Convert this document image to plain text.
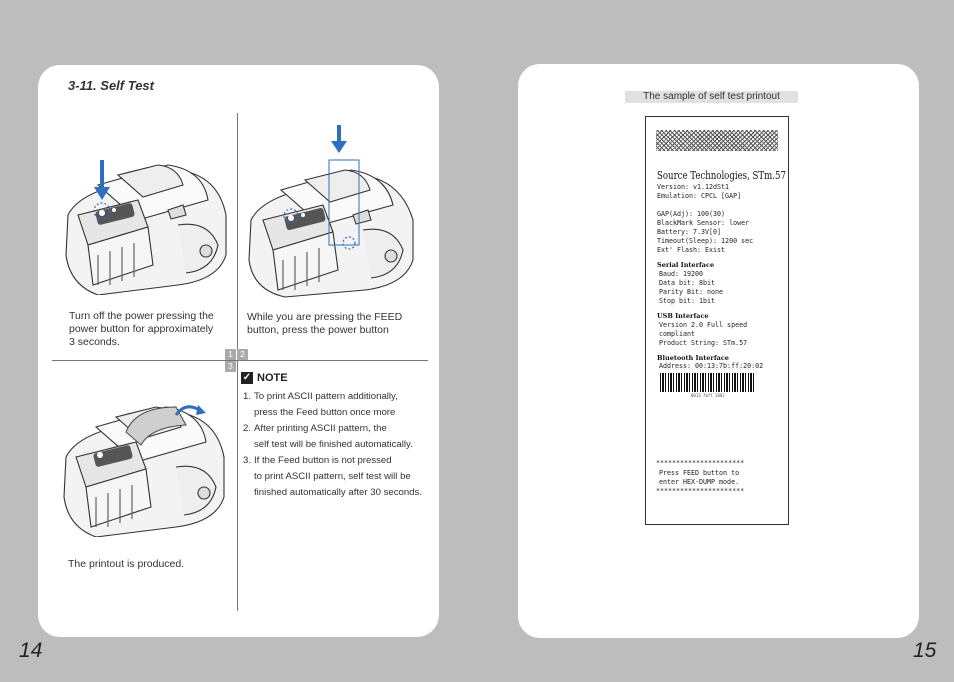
3-11. Self Test
Turn off the power pressing the power button for approximately 3 seconds.
While you are pressing the FEED button, press the power button
1 2
3
✓ NOTE
1. To print ASCII pattern additionally,
press the Feed button once more
2. After printing ASCII pattern, the
self test will be finished automatically.
3. If the Feed button is not pressed
to print ASCII pattern, self test will be
finished automatically after 30 seconds.
The printout is produced.
The sample of self test printout
Source Technologies, STm.57
Version: v1.12dSt1
Emulation: CPCL [GAP]
GAP(Adj): 100(30)
BlackMark Sensor: lower
Battery: 7.3V[0]
Timeout(Sleep): 1200 sec
Ext' Flash: Exist
Serial Interface
Baud: 19200
Data bit: 8bit
Parity Bit: none
Stop bit: 1bit
USB Interface
Version 2.0 Full speed
compliant
Product String: STm.57
Bluetooth Interface
Address: 00:13:7b:ff:20:02
0013 7bff 2002
**********************
Press FEED button to
enter HEX-DUMP mode.
**********************
14	15
